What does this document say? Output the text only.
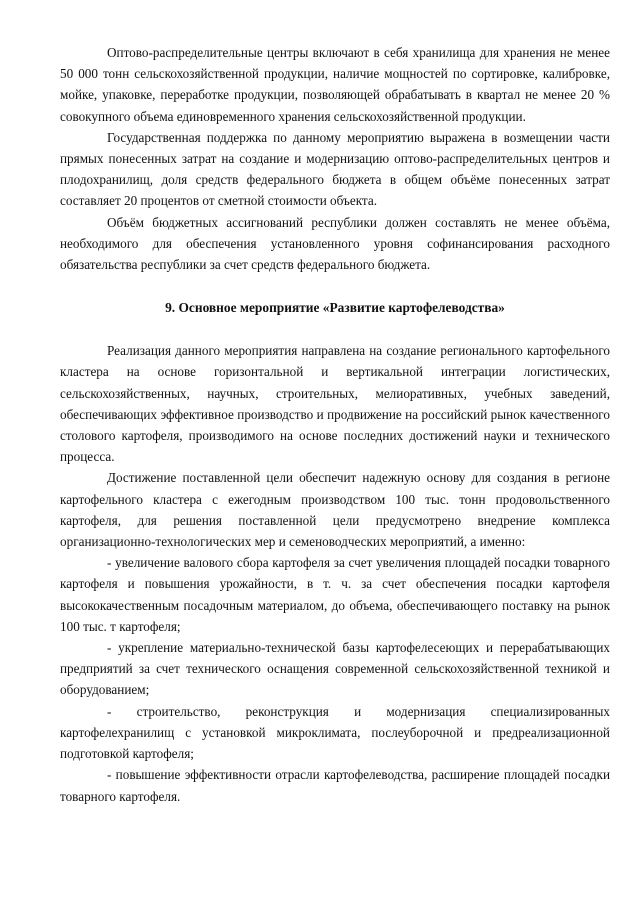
Оптово-распределительные центры включают в себя хранилища для хранения не менее 50 000 тонн сельскохозяйственной продукции, наличие мощностей по сортировке, калибровке, мойке, упаковке, переработке продукции, позволяющей обрабатывать в квартал не менее 20 % совокупного объема единовременного хранения сельскохозяйственной продукции.

Государственная поддержка по данному мероприятию выражена в возмещении части прямых понесенных затрат на создание и модернизацию оптово-распределительных центров и плодохранилищ, доля средств федерального бюджета в общем объёме понесенных затрат составляет 20 процентов от сметной стоимости объекта.

Объём бюджетных ассигнований республики должен составлять не менее объёма, необходимого для обеспечения установленного уровня софинансирования расходного обязательства республики за счет средств федерального бюджета.

9. Основное мероприятие «Развитие картофелеводства»

Реализация данного мероприятия направлена на создание регионального картофельного кластера на основе горизонтальной и вертикальной интеграции логистических, сельскохозяйственных, научных, строительных, мелиоративных, учебных заведений, обеспечивающих эффективное производство и продвижение на российский рынок качественного столового картофеля, производимого на основе последних достижений науки и технического процесса.

Достижение поставленной цели обеспечит надежную основу для создания в регионе картофельного кластера с ежегодным производством 100 тыс. тонн продовольственного картофеля, для решения поставленной цели предусмотрено внедрение комплекса организационно-технологических мер и семеноводческих мероприятий, а именно:

- увеличение валового сбора картофеля за счет увеличения площадей посадки товарного картофеля и повышения урожайности, в т. ч. за счет обеспечения посадки картофеля высококачественным посадочным материалом, до объема, обеспечивающего поставку на рынок 100 тыс. т картофеля;

- укрепление материально-технической базы картофелесеющих и перерабатывающих предприятий за счет технического оснащения современной сельскохозяйственной техникой и оборудованием;

- строительство, реконструкция и модернизация специализированных картофелехранилищ с установкой микроклимата, послеуборочной и предреализационной подготовкой картофеля;

- повышение эффективности отрасли картофелеводства, расширение площадей посадки товарного картофеля.
